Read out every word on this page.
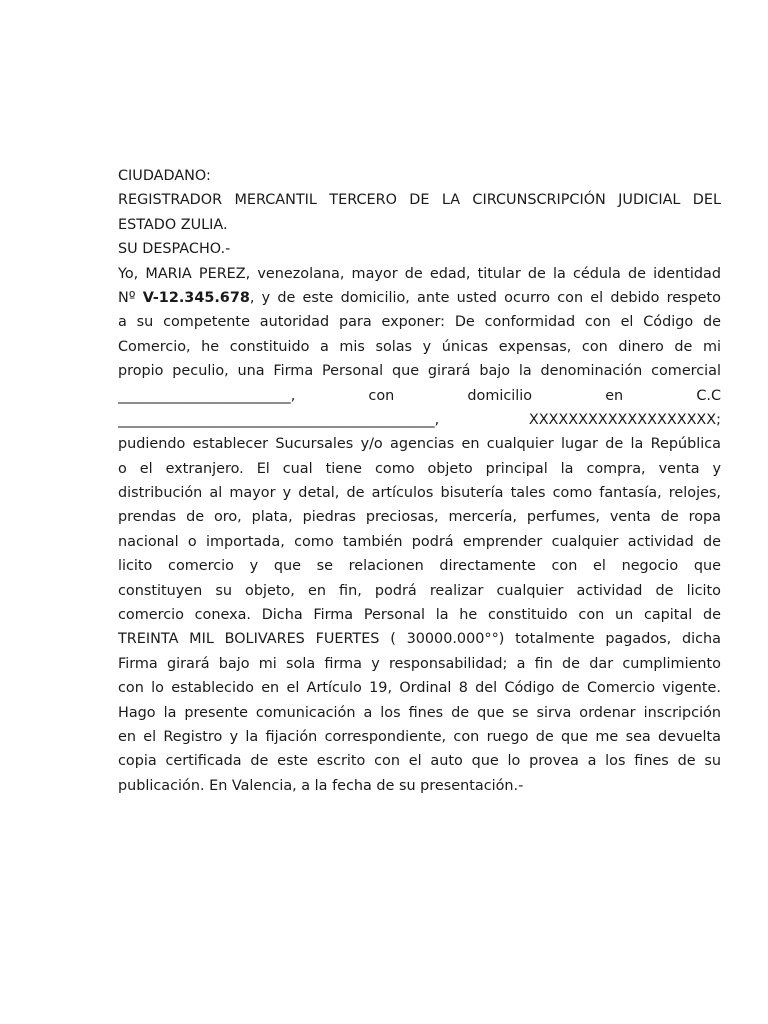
CIUDADANO:
REGISTRADOR MERCANTIL TERCERO DE LA CIRCUNSCRIPCIÓN JUDICIAL DEL
ESTADO ZULIA.
SU DESPACHO.-
Yo, MARIA PEREZ, venezolana, mayor de edad, titular de la cédula de identidad
Nº V-12.345.678, y de este domicilio, ante usted ocurro con el debido respeto
a su competente autoridad para exponer: De conformidad con el Código de
Comercio, he constituido a mis solas y únicas expensas, con dinero de mi
propio peculio, una Firma Personal que girará bajo la denominación comercial
________________________, con domicilio en C.C
____________________________________________, XXXXXXXXXXXXXXXXXXX;
pudiendo establecer Sucursales y/o agencias en cualquier lugar de la República
o el extranjero. El cual tiene como objeto principal la compra, venta y
distribución al mayor y detal, de artículos bisutería tales como fantasía, relojes,
prendas de oro, plata, piedras preciosas, mercería, perfumes, venta de ropa
nacional o importada, como también podrá emprender cualquier actividad de
licito comercio y que se relacionen directamente con el negocio que
constituyen su objeto, en fin, podrá realizar cualquier actividad de licito
comercio conexa. Dicha Firma Personal la he constituido con un capital de
TREINTA MIL BOLIVARES FUERTES ( 30000.000°°) totalmente pagados, dicha
Firma girará bajo mi sola firma y responsabilidad; a fin de dar cumplimiento
con lo establecido en el Artículo 19, Ordinal 8 del Código de Comercio vigente.
Hago la presente comunicación a los fines de que se sirva ordenar inscripción
en el Registro y la fijación correspondiente, con ruego de que me sea devuelta
copia certificada de este escrito con el auto que lo provea a los fines de su
publicación. En Valencia, a la fecha de su presentación.-
